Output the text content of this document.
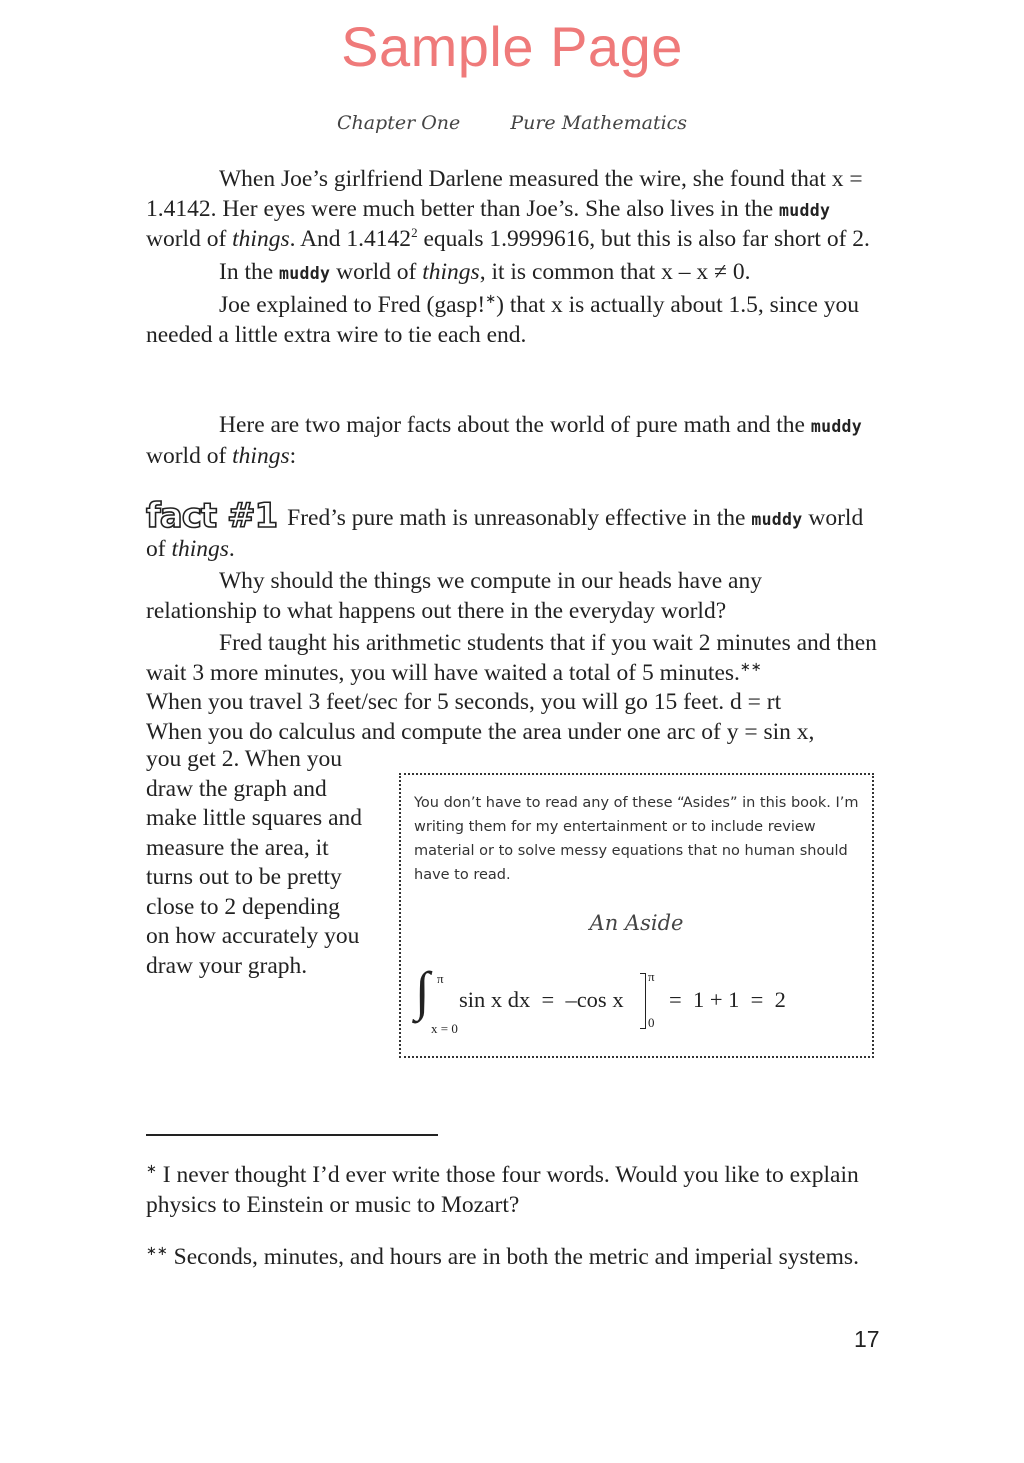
Sample Page
Chapter One	Pure Mathematics

When Joe’s girlfriend Darlene measured the wire, she found that x = 1.4142. Her eyes were much better than Joe’s. She also lives in the muddy world of things. And 1.4142$^2$ equals 1.9999616, but this is also far short of 2.

In the muddy world of things, it is common that x – x ≠ 0.

Joe explained to Fred (gasp!∗) that x is actually about 1.5, since you needed a little extra wire to tie each end.

Here are two major facts about the world of pure math and the muddy world of things:

fact #1 Fred’s pure math is unreasonably effective in the muddy world of things.

Why should the things we compute in our heads have any relationship to what happens out there in the everyday world?

Fred taught his arithmetic students that if you wait 2 minutes and then wait 3 more minutes, you will have waited a total of 5 minutes.∗∗

When you travel 3 feet/sec for 5 seconds, you will go 15 feet. d = rt

When you do calculus and compute the area under one arc of y = sin x,

you get 2. When you
draw the graph and
make little squares and
measure the area, it
turns out to be pretty
close to 2 depending
on how accurately you
draw your graph.
You don’t have to read any of these “Asides” in this book. I’m writing them for my entertainment or to include review material or to solve messy equations that no human should have to read.
An Aside
∫ π
x = 0
sin x dx  =  –cos x
π
0
=  1 + 1  =  2
∗ I never thought I’d ever write those four words. Would you like to explain physics to Einstein or music to Mozart?
∗∗ Seconds, minutes, and hours are in both the metric and imperial systems.
17
